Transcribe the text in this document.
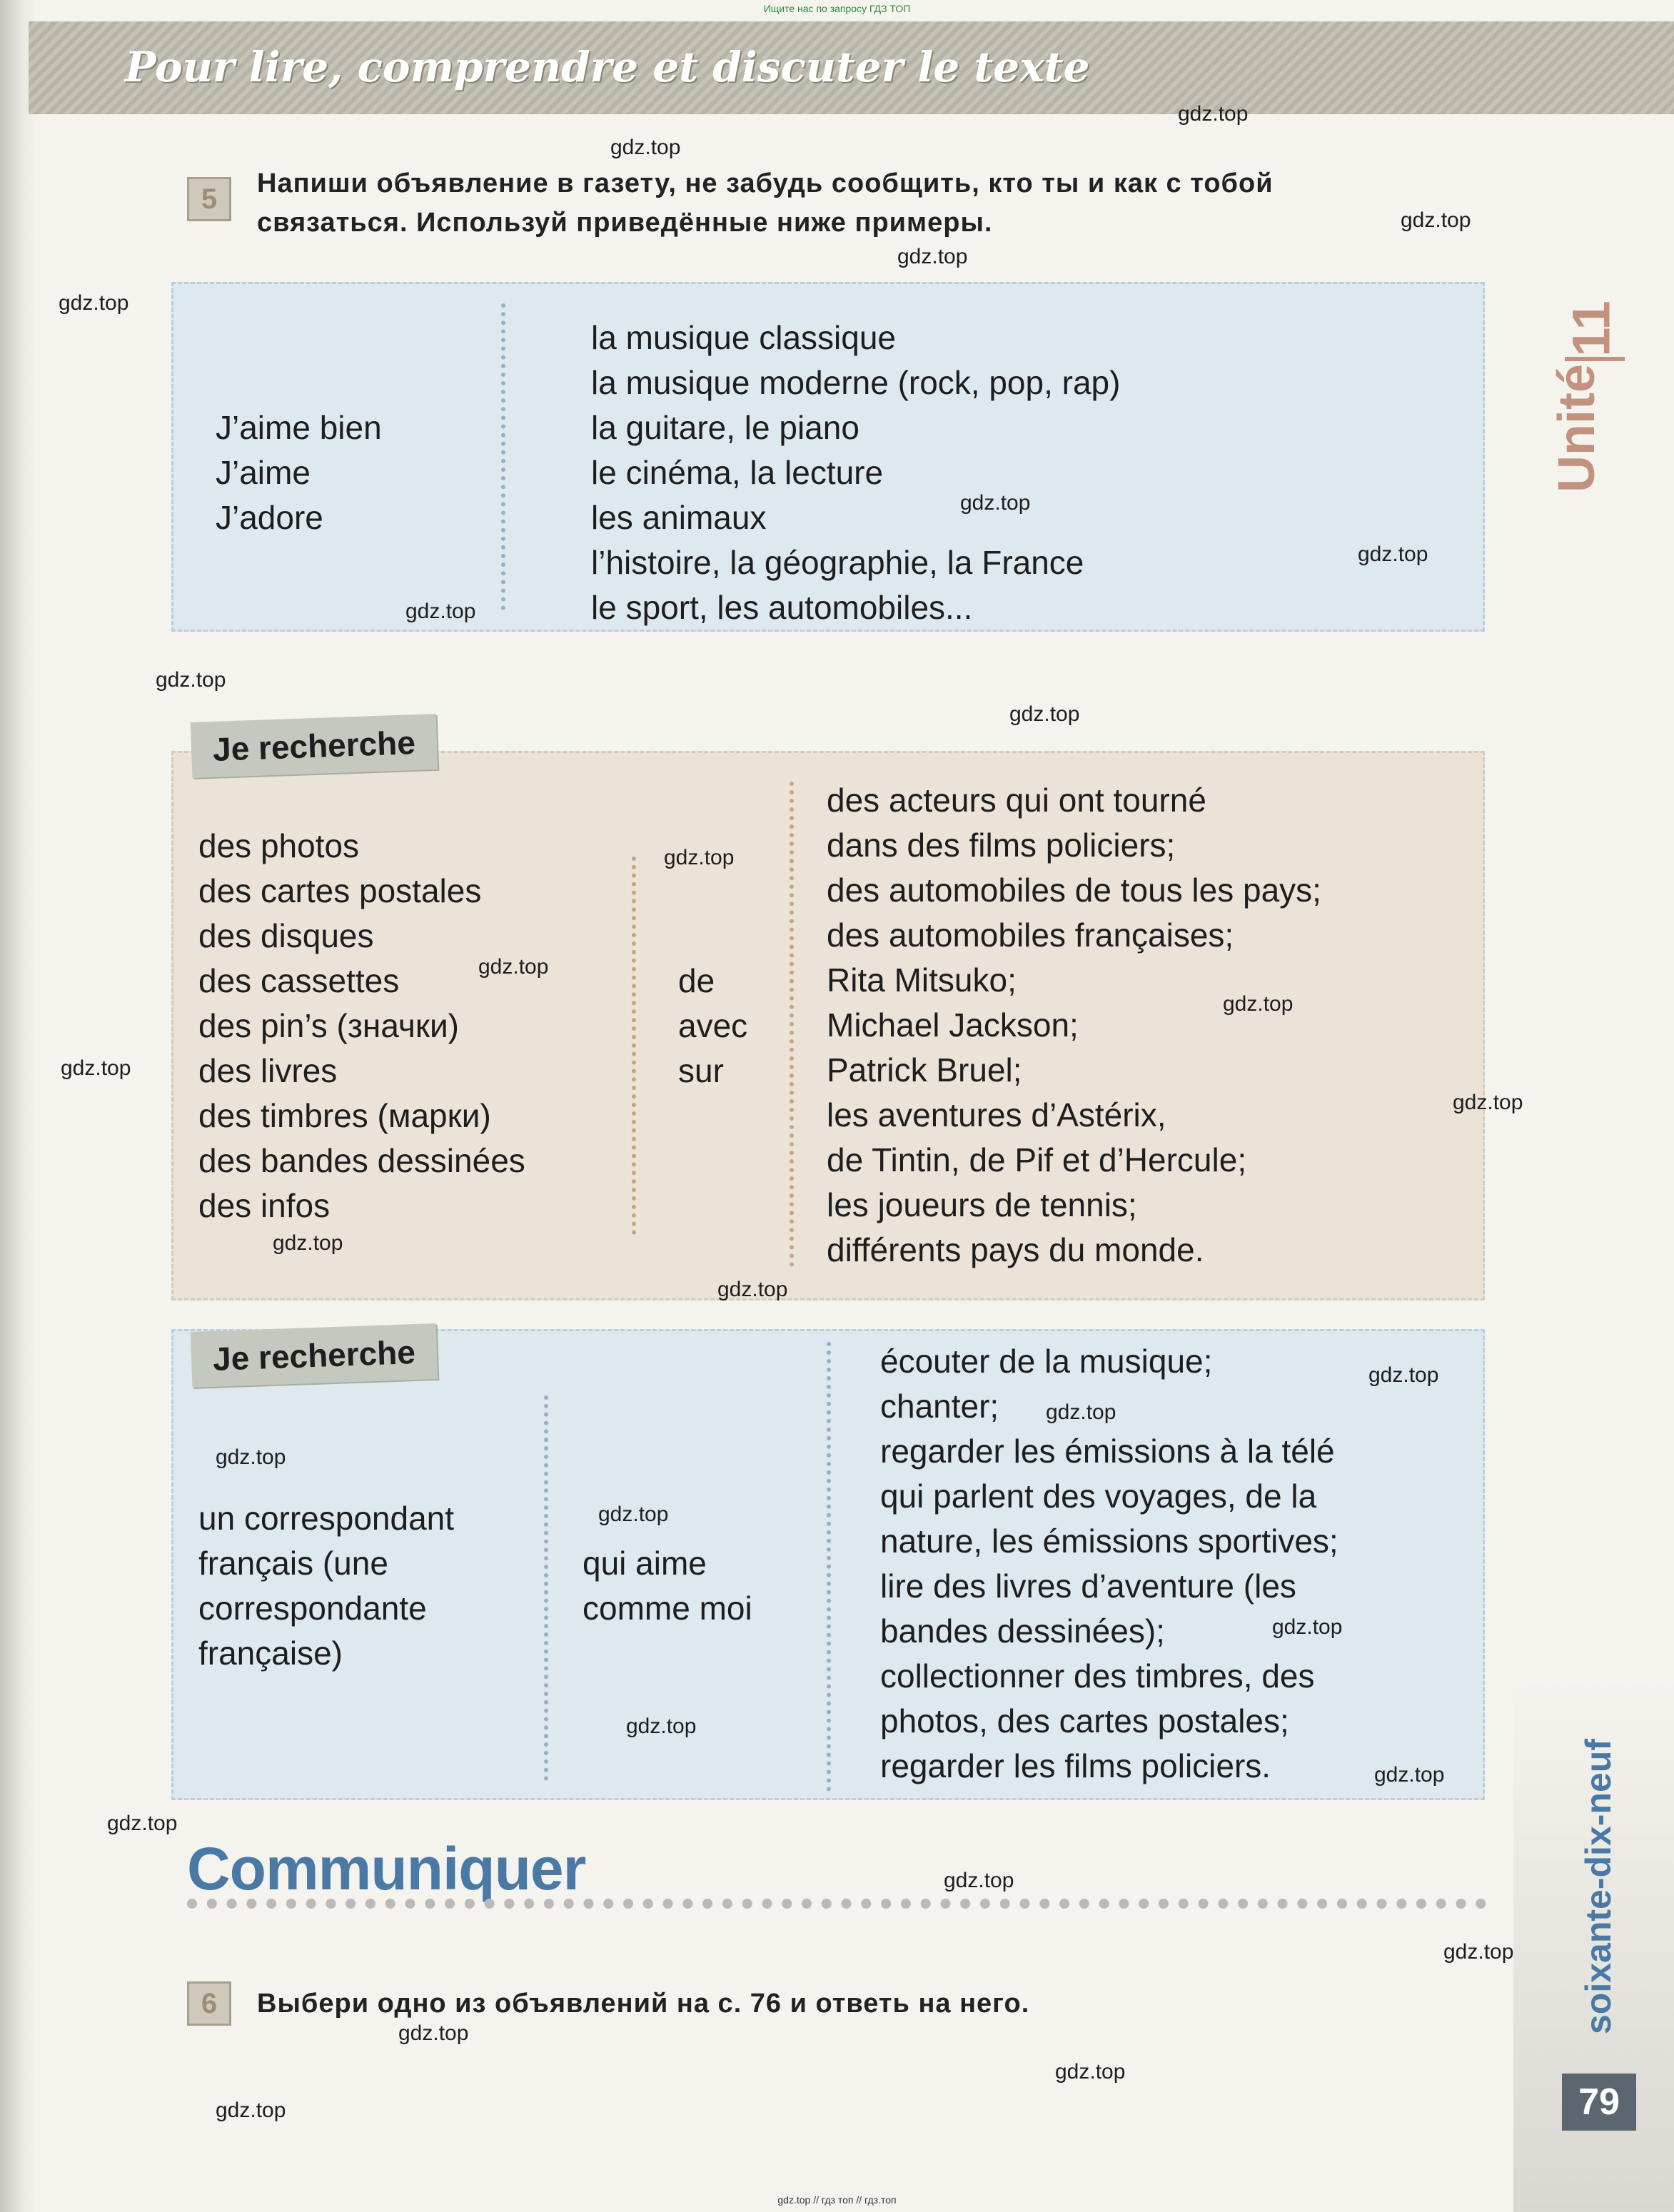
Ищите нас по запросу ГДЗ ТОП
Pour lire, comprendre et discuter le texte
5	Напиши объявление в газету, не забудь сообщить, кто ты и как с тобой
связаться. Используй приведённые ниже примеры.
J’aime bien
J’aime
J’adore
la musique classique
la musique moderne (rock, pop, rap)
la guitare, le piano
le cinéma, la lecture
les animaux
l’histoire, la géographie, la France
le sport, les automobiles...
Je recherche
des photos
des cartes postales
des disques
des cassettes
des pin’s (значки)
des livres
des timbres (марки)
des bandes dessinées
des infos
de
avec
sur
des acteurs qui ont tourné
dans des films policiers;
des automobiles de tous les pays;
des automobiles françaises;
Rita Mitsuko;
Michael Jackson;
Patrick Bruel;
les aventures d’Astérix,
de Tintin, de Pif et d’Hercule;
les joueurs de tennis;
différents pays du monde.
Je recherche
un correspondant
français (une
correspondante
française)
qui aime
comme moi
écouter de la musique;
chanter;
regarder les émissions à la télé
qui parlent des voyages, de la
nature, les émissions sportives;
lire des livres d’aventure (les
bandes dessinées);
collectionner des timbres, des
photos, des cartes postales;
regarder les films policiers.
Communiquer
6	Выбери одно из объявлений на с. 76 и ответь на него.
11
Unité
soixante-dix-neuf
79
gdz.top
gdz.top
gdz.top
gdz.top
gdz.top
gdz.top
gdz.top
gdz.top
gdz.top
gdz.top
gdz.top
gdz.top
gdz.top
gdz.top
gdz.top
gdz.top
gdz.top
gdz.top
gdz.top
gdz.top
gdz.top
gdz.top
gdz.top
gdz.top
gdz.top
gdz.top
gdz.top
gdz.top
gdz.top
gdz.top
gdz.top // гдз топ // гдз.топ
